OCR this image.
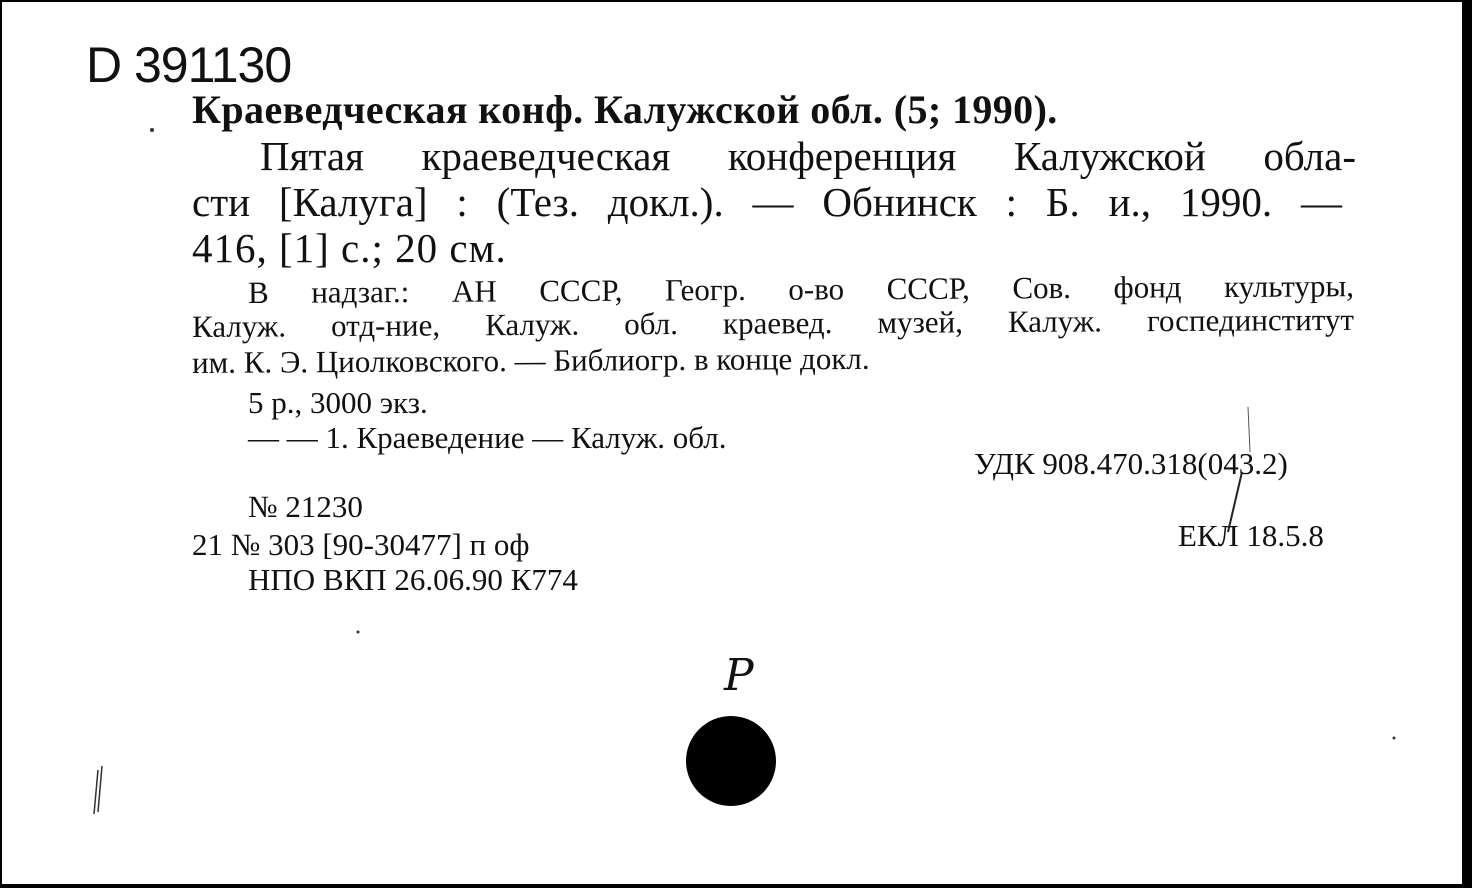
D 391130
Краеведческая конф. Калужской обл. (5; 1990).
Пятая краеведческая конференция Калужской обла-
сти [Калуга] : (Тез. докл.). — Обнинск : Б. и., 1990. —
416, [1] с.; 20 см.
В надзаг.: АН СССР, Геогр. о-во СССР, Сов. фонд культуры,
Калуж. отд-ние, Калуж. обл. краевед. музей, Калуж. госпединститут
им. К. Э. Циолковского. — Библиогр. в конце докл.
5 р., 3000 экз.
— — 1. Краеведение — Калуж. обл.
УДК 908.470.318(043.2)
№ 21230
21 № 303 [90-30477] п оф	ЕКЛ 18.5.8
НПО ВКП 26.06.90 К774
P
